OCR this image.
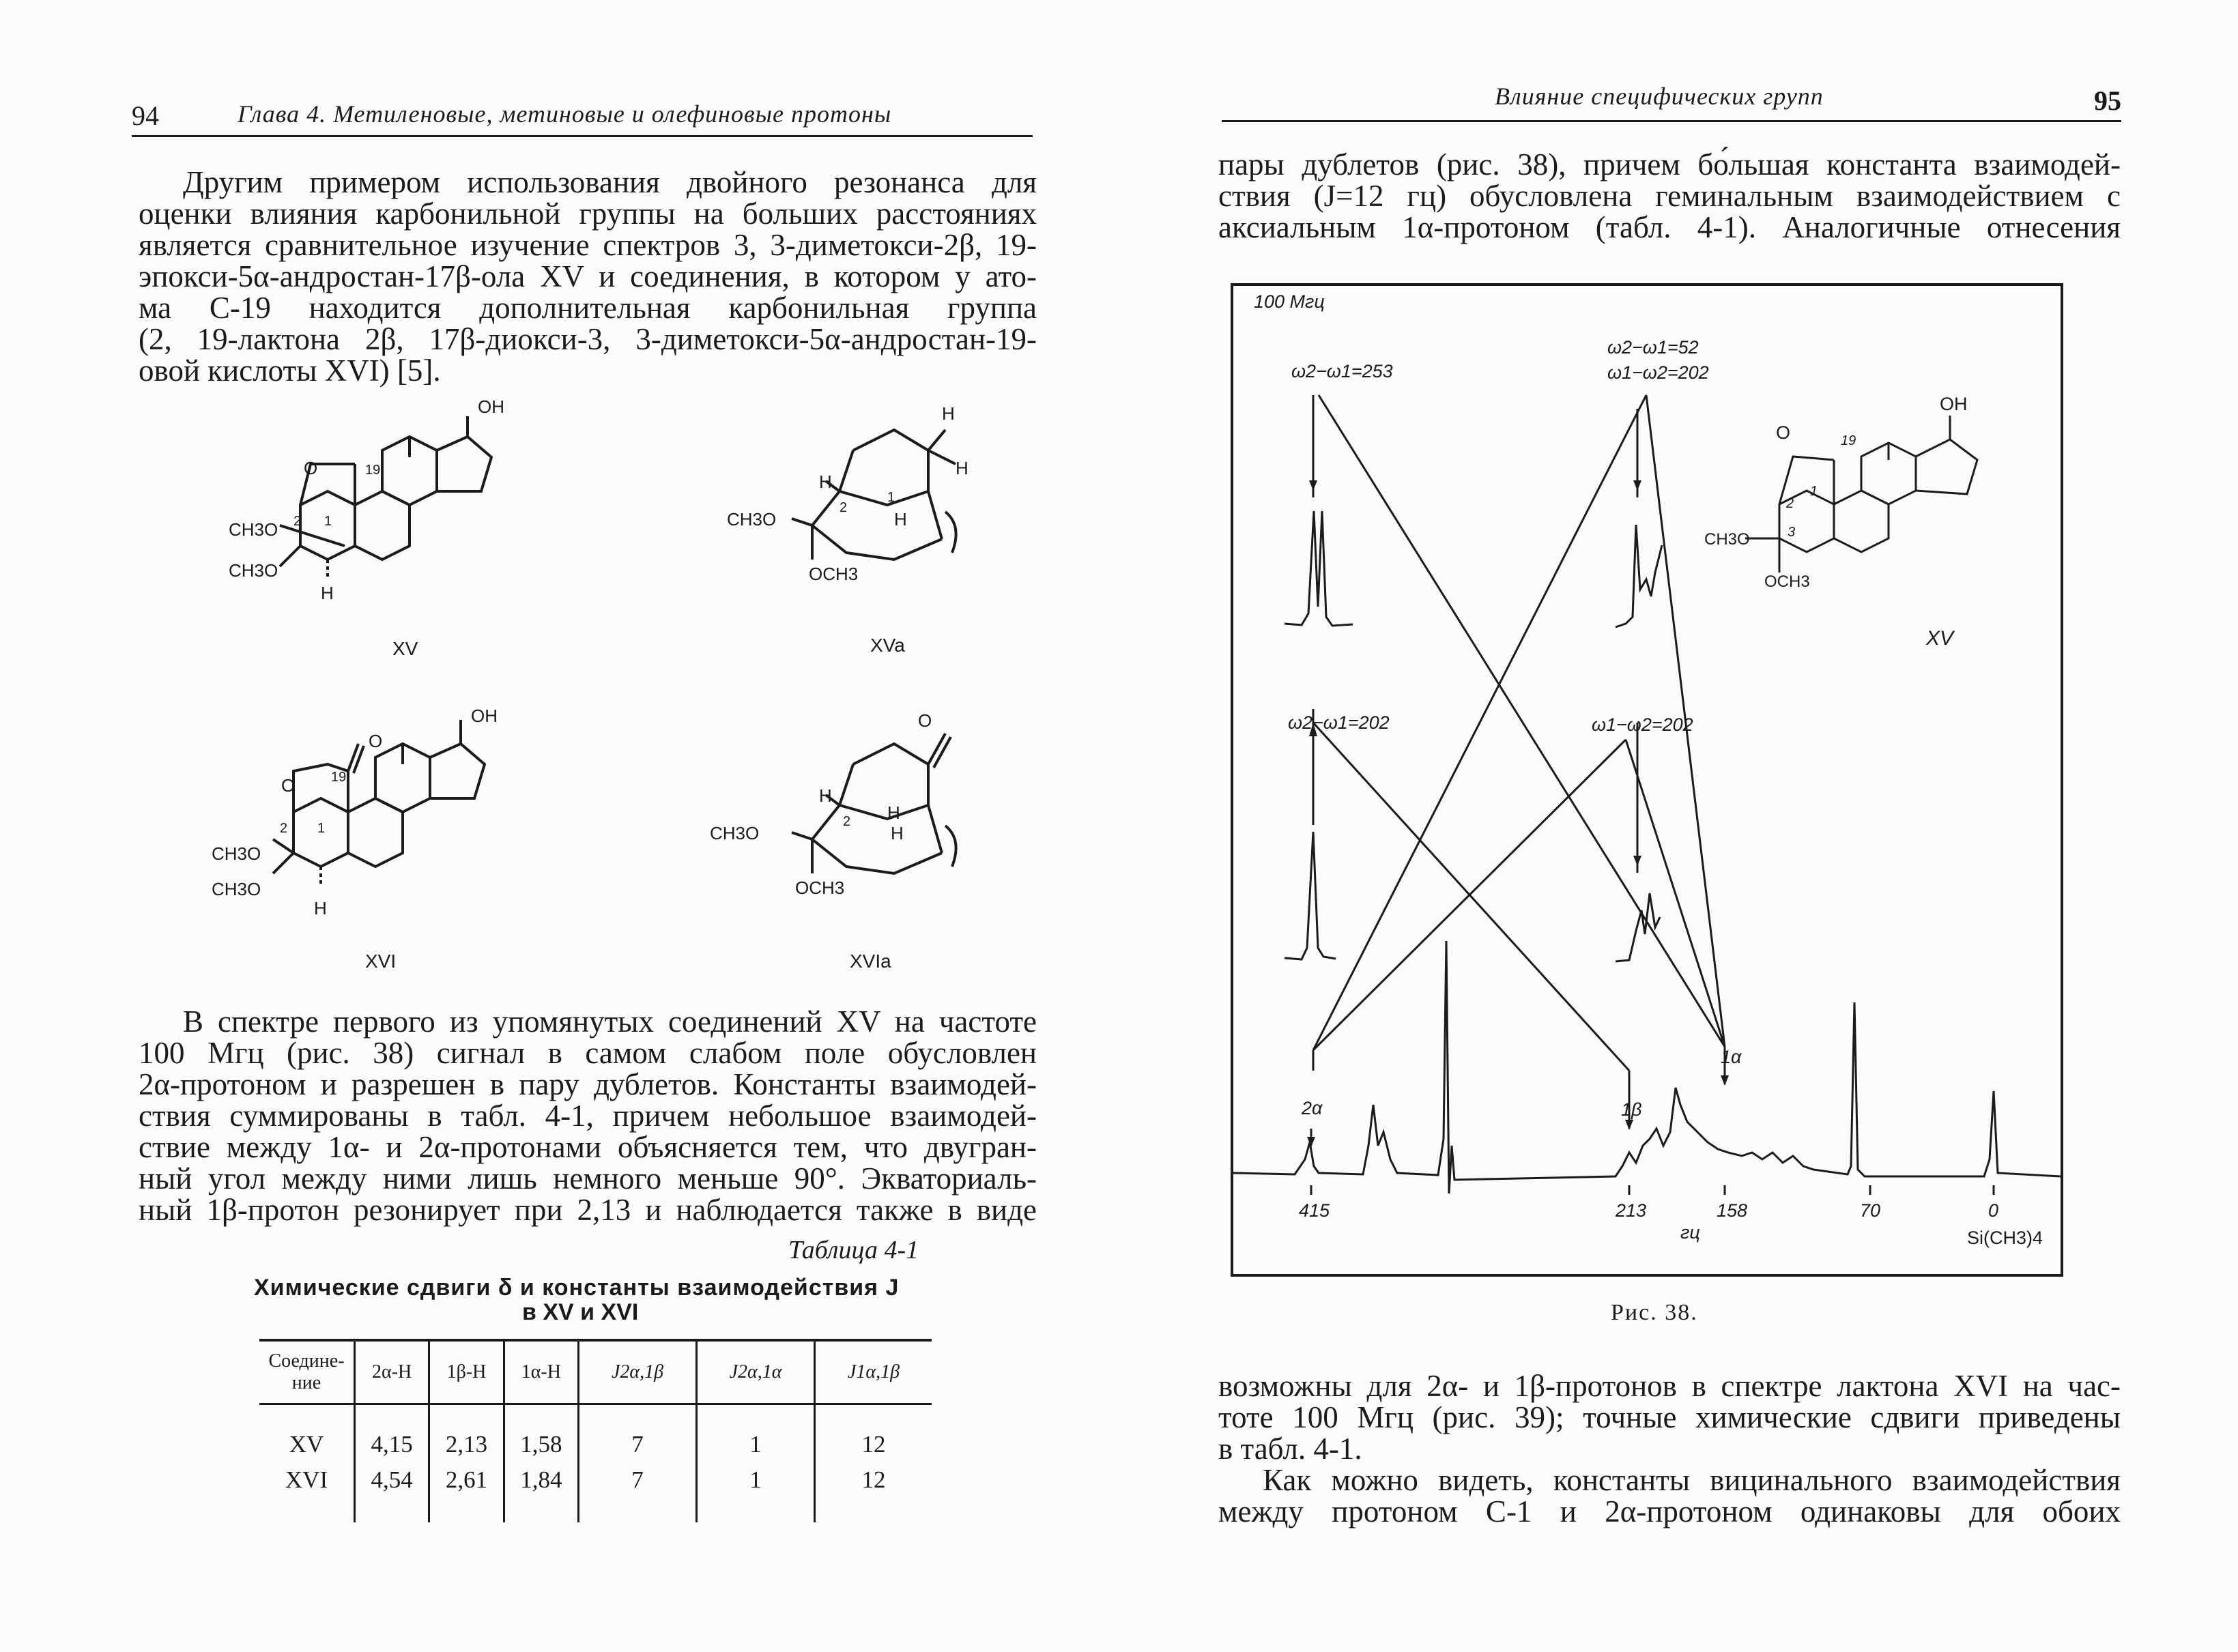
94	Глава 4. Метиленовые, метиновые и олефиновые протоны
Другим примером использования двойного резонанса для
оценки влияния карбонильной группы на больших расстояниях
является сравнительное изучение спектров 3, 3-диметокси-2β, 19-
эпокси-5α-андростан-17β-ола XV и соединения, в котором у ато-
ма С-19 находится дополнительная карбонильная группа
(2, 19-лактона 2β, 17β-диокси-3, 3-диметокси-5α-андростан-19-
овой кислоты XVI) [5].
OH
O	19
1
2
CH3O
CH3O
H
XV
H
H
H
2
1
H
CH3O
OCH3
XVa
OH
O	19
O
1
2
CH3O
CH3O
H
XVI
O
H
H
2
H
CH3O
OCH3
XVIa
В спектре первого из упомянутых соединений XV на частоте
100 Мгц (рис. 38) сигнал в самом слабом поле обусловлен
2α-протоном и разрешен в пару дублетов. Константы взаимодей-
ствия суммированы в табл. 4-1, причем небольшое взаимодей-
ствие между 1α- и 2α-протонами объясняется тем, что двугран-
ный угол между ними лишь немного меньше 90°. Экваториаль-
ный 1β-протон резонирует при 2,13 и наблюдается также в виде
Таблица 4-1
Химические сдвиги δ и константы взаимодействия J
в XV и XVI
Соедине-ние	2α-H	1β-H	1α-H	J2α,1β	J2α,1α	J1α,1β
XV	4,15	2,13	1,58	7	1	12
XVI	4,54	2,61	1,84	7	1	12
Влияние специфических групп	95
пары дублетов (рис. 38), причем бо́льшая константа взаимодей-
ствия (J=12 гц) обусловлена геминальным взаимодействием с
аксиальным 1α-протоном (табл. 4-1). Аналогичные отнесения
100 Мгц
ω2−ω1=253
ω2−ω1=52
ω1−ω2=202
ω2−ω1=202	ω1−ω2=202
2α	1β
1α
415	213	158	70	0
гц	Si(CH3)4
XV
OH
O	19
1
2
3
CH3O
OCH3
Рис. 38.
возможны для 2α- и 1β-протонов в спектре лактона XVI на час-
тоте 100 Мгц (рис. 39); точные химические сдвиги приведены
в табл. 4-1.
Как можно видеть, константы вицинального взаимодействия
между протоном С-1 и 2α-протоном одинаковы для обоих
